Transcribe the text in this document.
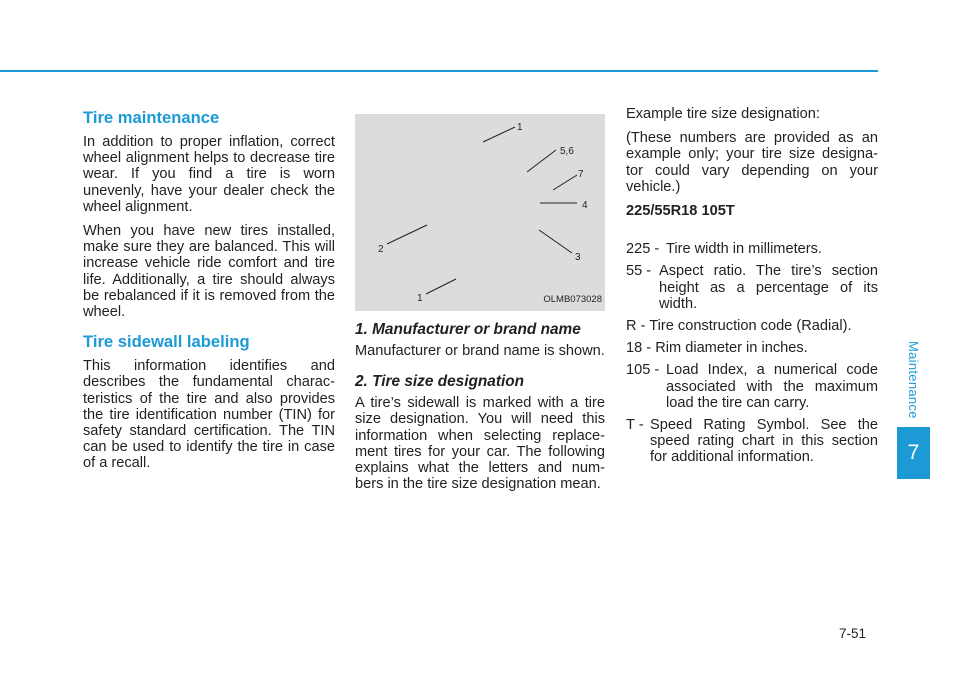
Tire maintenance

In addition to proper inflation, correct wheel alignment helps to decrease tire wear. If you find a tire is worn unevenly, have your dealer check the wheel alignment.

When you have new tires installed, make sure they are balanced. This will increase vehicle ride comfort and tire life. Additionally, a tire should always be rebalanced if it is removed from the wheel.

Tire sidewall labeling

This information identifies and describes the fundamental charac-teristics of the tire and also provides the tire identification number (TIN) for safety standard certification. The TIN can be used to identify the tire in case of a recall.

1
5,6
7
4
2
3
1	OLMB073028
1. Manufacturer or brand name

Manufacturer or brand name is shown.

2. Tire size designation

A tire’s sidewall is marked with a tire size designation. You will need this information when selecting replace-ment tires for your car. The following explains what the letters and num-bers in the tire size designation mean.

Example tire size designation:

(These numbers are provided as an example only; your tire size designa-tor could vary depending on your vehicle.)

225/55R18 105T

225 - Tire width in millimeters.
55 - Aspect ratio. The tire’s section height as a percentage of its width.
R - Tire construction code (Radial).
18 - Rim diameter in inches.
105 - Load Index, a numerical code associated with the maximum load the tire can carry.
T - Speed Rating Symbol. See the speed rating chart in this section for additional information.
Maintenance
7
7-51
